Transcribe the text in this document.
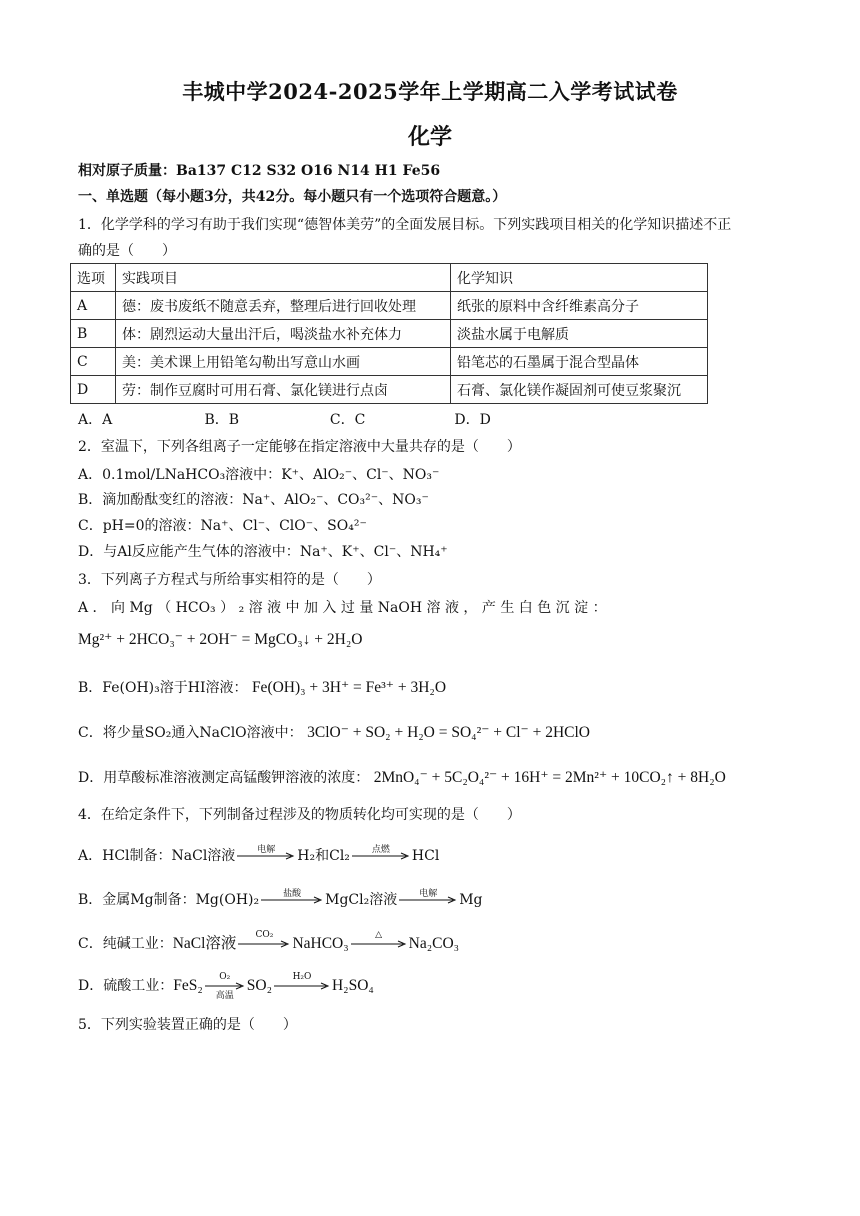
丰城中学2024-2025学年上学期高二入学考试试卷
化学
相对原子质量：Ba137 C12 S32 O16 N14 H1 Fe56
一、单选题（每小题3分，共42分。每小题只有一个选项符合题意。）
1．化学学科的学习有助于我们实现“德智体美劳”的全面发展目标。下列实践项目相关的化学知识描述不正
确的是（　　）
选项	实践项目	化学知识
A	德：废书废纸不随意丢弃，整理后进行回收处理	纸张的原料中含纤维素高分子
B	体：剧烈运动大量出汗后，喝淡盐水补充体力	淡盐水属于电解质
C	美：美术课上用铅笔勾勒出写意山水画	铅笔芯的石墨属于混合型晶体
D	劳：制作豆腐时可用石膏、氯化镁进行点卤	石膏、氯化镁作凝固剂可使豆浆聚沉
A．A	B．B	C．C	D．D
2．室温下，下列各组离子一定能够在指定溶液中大量共存的是（　　）
A．0.1mol/LNaHCO₃溶液中：K⁺、AlO₂⁻、Cl⁻、NO₃⁻
B．滴加酚酞变红的溶液：Na⁺、AlO₂⁻、CO₃²⁻、NO₃⁻
C．pH=0的溶液：Na⁺、Cl⁻、ClO⁻、SO₄²⁻
D．与Al反应能产生气体的溶液中：Na⁺、K⁺、Cl⁻、NH₄⁺
3．下列离子方程式与所给事实相符的是（　　）
A ． 向 Mg （ HCO₃ ） ₂ 溶 液 中 加 入 过 量 NaOH 溶 液 ， 产 生 白 色 沉 淀 ：
Mg²⁺ + 2HCO₃⁻ + 2OH⁻ = MgCO₃↓ + 2H₂O
B．Fe(OH)₃溶于HI溶液： Fe(OH)₃ + 3H⁺ = Fe³⁺ + 3H₂O
C．将少量SO₂通入NaClO溶液中： 3ClO⁻ + SO₂ + H₂O = SO₄²⁻ + Cl⁻ + 2HClO
D．用草酸标准溶液测定高锰酸钾溶液的浓度： 2MnO₄⁻ + 5C₂O₄²⁻ + 16H⁺ = 2Mn²⁺ + 10CO₂↑ + 8H₂O
4．在给定条件下，下列制备过程涉及的物质转化均可实现的是（　　）
A．HCl制备：NaCl溶液	电解	H₂和Cl₂	点燃	HCl
B．金属Mg制备：Mg(OH)₂	盐酸	MgCl₂溶液	电解	Mg
C．纯碱工业：NaCl溶液	CO₂	NaHCO₃	△	Na₂CO₃
D．硫酸工业：FeS₂	O₂
高温
SO₂	H₂O	H₂SO₄
5．下列实验装置正确的是（　　）
